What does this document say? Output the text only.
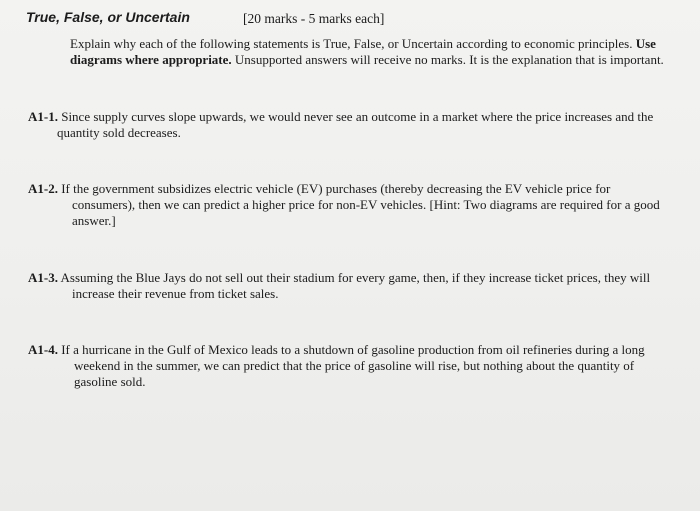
True, False, or Uncertain	[20 marks - 5 marks each]
Explain why each of the following statements is True, False, or Uncertain according to economic principles. Use diagrams where appropriate. Unsupported answers will receive no marks. It is the explanation that is important.
A1-1. Since supply curves slope upwards, we would never see an outcome in a market where the price increases and the
quantity sold decreases.
A1-2. If the government subsidizes electric vehicle (EV) purchases (thereby decreasing the EV vehicle price for
consumers), then we can predict a higher price for non-EV vehicles. [Hint: Two diagrams are required for a good answer.]
A1-3. Assuming the Blue Jays do not sell out their stadium for every game, then, if they increase ticket prices, they will
increase their revenue from ticket sales.
A1-4. If a hurricane in the Gulf of Mexico leads to a shutdown of gasoline production from oil refineries during a long
weekend in the summer, we can predict that the price of gasoline will rise, but nothing about the quantity of gasoline sold.
